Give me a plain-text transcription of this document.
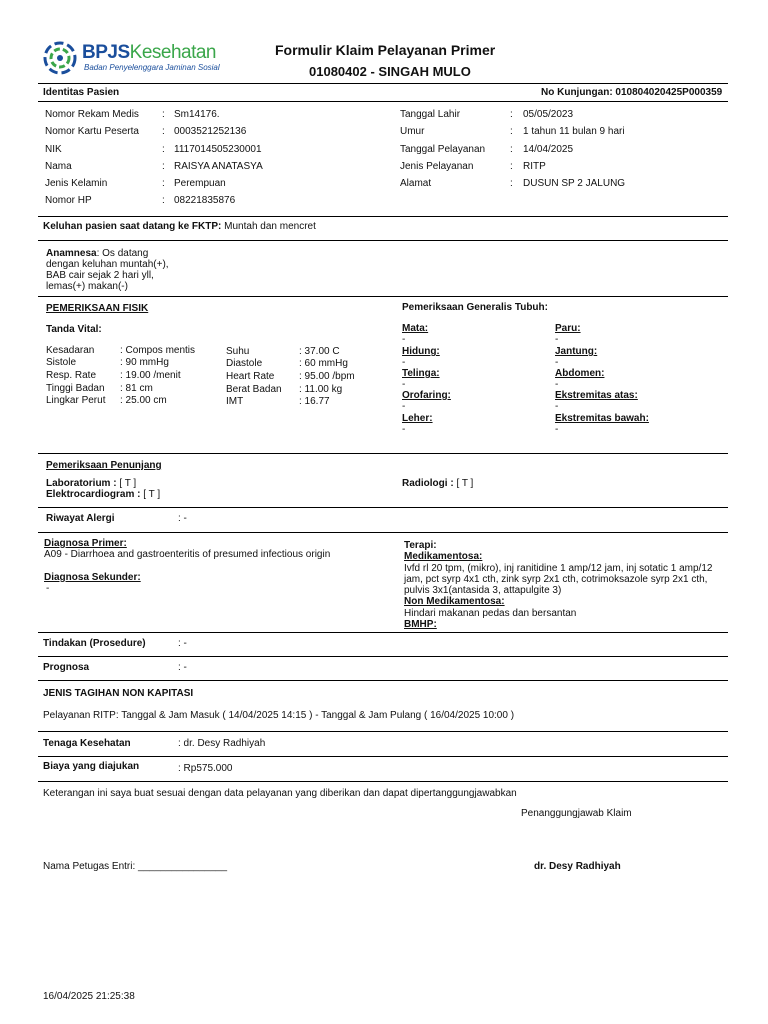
BPJSKesehatan
Badan Penyelenggara Jaminan Sosial
Formulir Klaim Pelayanan Primer
01080402 - SINGAH MULO
Identitas Pasien	No Kunjungan: 010804020425P000359
Nomor Rekam Medis : Sm14176.
Nomor Kartu Peserta : 0003521252136
NIK	: 1117014505230001
Nama	: RAISYA ANATASYA
Jenis Kelamin	: Perempuan
Nomor HP	: 08221835876
Tanggal Lahir	: 05/05/2023
Umur	: 1 tahun 11 bulan 9 hari
Tanggal Pelayanan : 14/04/2025
Jenis Pelayanan	: RITP
Alamat	: DUSUN SP 2 JALUNG
Keluhan pasien saat datang ke FKTP: Muntah dan mencret
Anamnesa: Os datang
dengan keluhan muntah(+),
BAB cair sejak 2 hari yll,
lemas(+) makan(-)
PEMERIKSAAN FISIK
Tanda Vital:
Kesadaran	: Compos mentis
Sistole	: 90 mmHg
Resp. Rate : 19.00 /menit
Tinggi Badan : 81 cm
Lingkar Perut : 25.00 cm
Suhu	: 37.00 C
Diastole	: 60 mmHg
Heart Rate : 95.00 /bpm
Berat Badan : 11.00 kg
IMT	: 16.77
Pemeriksaan Generalis Tubuh:
Mata:
-
Hidung:
-
Telinga:
-
Orofaring:
-
Leher:
-
Paru:
-
Jantung:
-
Abdomen:
-
Ekstremitas atas:
-
Ekstremitas bawah:
-
Pemeriksaan Penunjang
Laboratorium : [ T ]
Elektrocardiogram : [ T ]
Radiologi : [ T ]
Riwayat Alergi	: -
Diagnosa Primer:
A09 - Diarrhoea and gastroenteritis of presumed infectious origin
Diagnosa Sekunder:
-
Terapi:
Medikamentosa:
Ivfd rl 20 tpm, (mikro), inj ranitidine 1 amp/12 jam, inj sotatic 1 amp/12
jam, pct syrp 4x1 cth, zink syrp 2x1 cth, cotrimoksazole syrp 2x1 cth,
pulvis 3x1(antasida 3, attapulgite 3)
Non Medikamentosa:
Hindari makanan pedas dan bersantan
BMHP:
Tindakan (Prosedure)	: -
Prognosa	: -
JENIS TAGIHAN NON KAPITASI
Pelayanan RITP: Tanggal & Jam Masuk ( 14/04/2025 14:15 ) - Tanggal & Jam Pulang ( 16/04/2025 10:00 )
Tenaga Kesehatan	: dr. Desy Radhiyah
Biaya yang diajukan	: Rp575.000
Keterangan ini saya buat sesuai dengan data pelayanan yang diberikan dan dapat dipertanggungjawabkan
Penanggungjawab Klaim
Nama Petugas Entri: ________________	dr. Desy Radhiyah
16/04/2025 21:25:38
